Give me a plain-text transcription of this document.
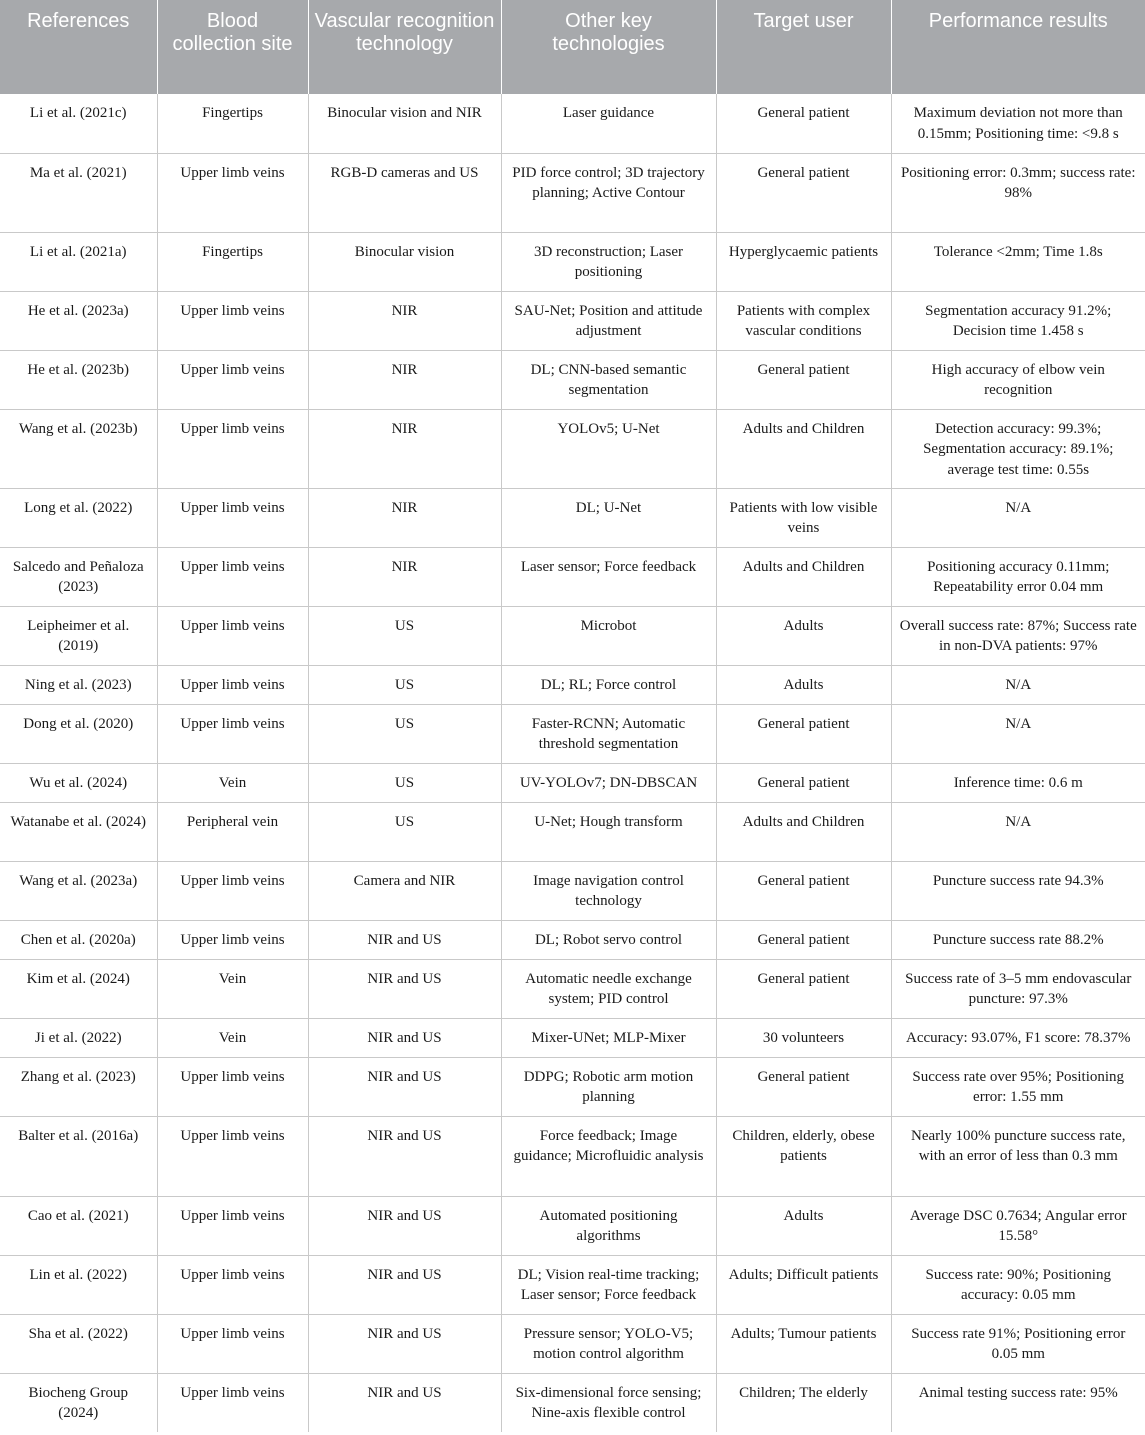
References	Blood collection site	Vascular recognition technology	Other key technologies	Target user	Performance results
Li et al. (2021c)	Fingertips	Binocular vision and NIR	Laser guidance	General patient	Maximum deviation not more than 0.15mm; Positioning time: <9.8 s
Ma et al. (2021)	Upper limb veins	RGB-D cameras and US	PID force control; 3D trajectory planning; Active Contour	General patient	Positioning error: 0.3mm; success rate: 98%
Li et al. (2021a)	Fingertips	Binocular vision	3D reconstruction; Laser positioning	Hyperglycaemic patients	Tolerance <2mm; Time 1.8s
He et al. (2023a)	Upper limb veins	NIR	SAU-Net; Position and attitude adjustment	Patients with complex vascular conditions	Segmentation accuracy 91.2%; Decision time 1.458 s
He et al. (2023b)	Upper limb veins	NIR	DL; CNN-based semantic segmentation	General patient	High accuracy of elbow vein recognition
Wang et al. (2023b)	Upper limb veins	NIR	YOLOv5; U-Net	Adults and Children	Detection accuracy: 99.3%; Segmentation accuracy: 89.1%; average test time: 0.55s
Long et al. (2022)	Upper limb veins	NIR	DL; U-Net	Patients with low visible veins	N/A
Salcedo and Peñaloza (2023)	Upper limb veins	NIR	Laser sensor; Force feedback	Adults and Children	Positioning accuracy 0.11mm; Repeatability error 0.04 mm
Leipheimer et al. (2019)	Upper limb veins	US	Microbot	Adults	Overall success rate: 87%; Success rate in non-DVA patients: 97%
Ning et al. (2023)	Upper limb veins	US	DL; RL; Force control	Adults	N/A
Dong et al. (2020)	Upper limb veins	US	Faster-RCNN; Automatic threshold segmentation	General patient	N/A
Wu et al. (2024)	Vein	US	UV-YOLOv7; DN-DBSCAN	General patient	Inference time: 0.6 m
Watanabe et al. (2024)	Peripheral vein	US	U-Net; Hough transform	Adults and Children	N/A
Wang et al. (2023a)	Upper limb veins	Camera and NIR	Image navigation control technology	General patient	Puncture success rate 94.3%
Chen et al. (2020a)	Upper limb veins	NIR and US	DL; Robot servo control	General patient	Puncture success rate 88.2%
Kim et al. (2024)	Vein	NIR and US	Automatic needle exchange system; PID control	General patient	Success rate of 3–5 mm endovascular puncture: 97.3%
Ji et al. (2022)	Vein	NIR and US	Mixer-UNet; MLP-Mixer	30 volunteers	Accuracy: 93.07%, F1 score: 78.37%
Zhang et al. (2023)	Upper limb veins	NIR and US	DDPG; Robotic arm motion planning	General patient	Success rate over 95%; Positioning error: 1.55 mm
Balter et al. (2016a)	Upper limb veins	NIR and US	Force feedback; Image guidance; Microfluidic analysis	Children, elderly, obese patients	Nearly 100% puncture success rate, with an error of less than 0.3 mm
Cao et al. (2021)	Upper limb veins	NIR and US	Automated positioning algorithms	Adults	Average DSC 0.7634; Angular error 15.58°
Lin et al. (2022)	Upper limb veins	NIR and US	DL; Vision real-time tracking; Laser sensor; Force feedback	Adults; Difficult patients	Success rate: 90%; Positioning accuracy: 0.05 mm
Sha et al. (2022)	Upper limb veins	NIR and US	Pressure sensor; YOLO-V5; motion control algorithm	Adults; Tumour patients	Success rate 91%; Positioning error 0.05 mm
Biocheng Group (2024)	Upper limb veins	NIR and US	Six-dimensional force sensing; Nine-axis flexible control	Children; The elderly	Animal testing success rate: 95%
